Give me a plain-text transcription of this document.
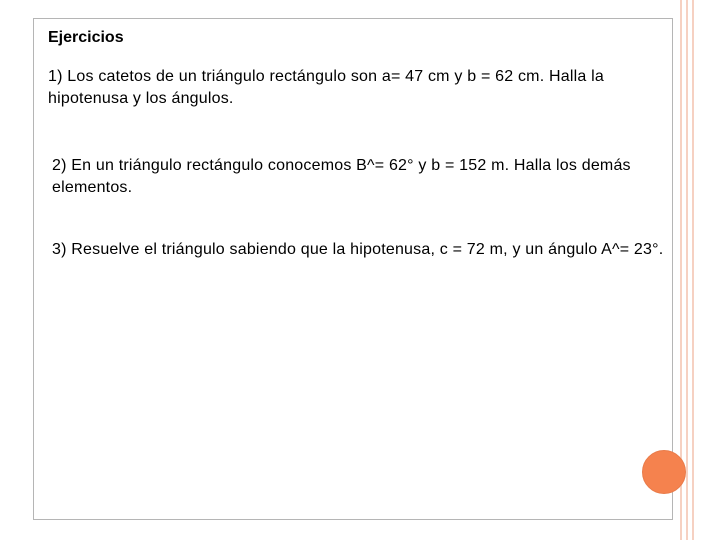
Ejercicios

1) Los catetos de un triángulo rectángulo son a= 47 cm y b = 62 cm. Halla la hipotenusa y los ángulos.

2) En un triángulo rectángulo conocemos B^= 62° y b = 152 m. Halla los demás elementos.

3) Resuelve el triángulo sabiendo que la hipotenusa, c = 72 m, y un ángulo A^= 23°.
